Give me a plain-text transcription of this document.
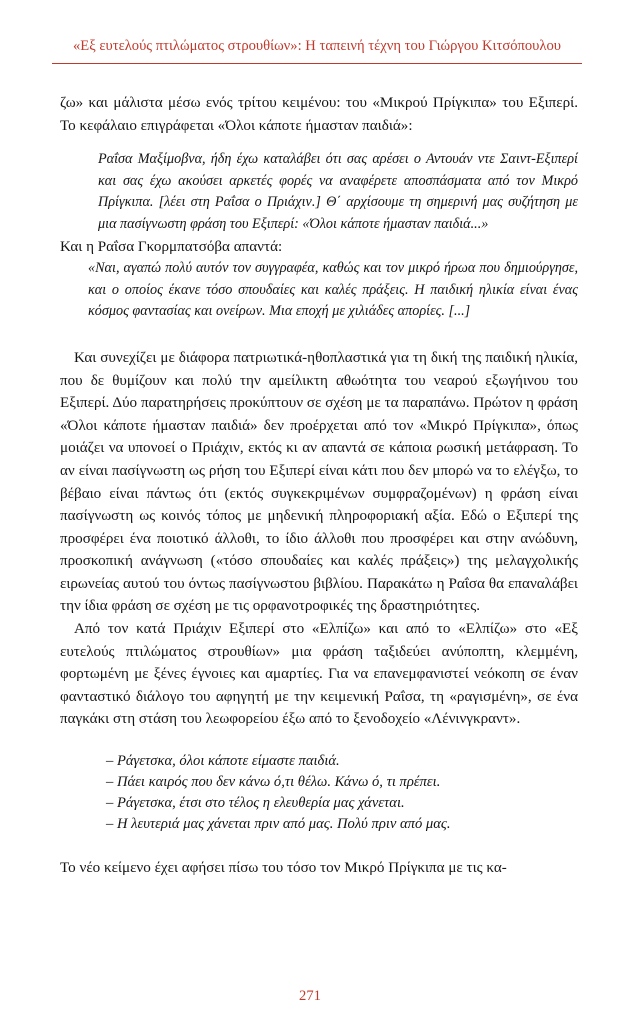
«Εξ ευτελούς πτιλώματος στρουθίων»: Η ταπεινή τέχνη του Γιώργου Κιτσόπουλου

ζω» και μάλιστα μέσω ενός τρίτου κειμένου: του «Μικρού Πρίγκιπα» του Εξιπερί. Το κεφάλαιο επιγράφεται «Όλοι κάποτε ήμασταν παιδιά»:

Ραΐσα Μαξίμοβνα, ήδη έχω καταλάβει ότι σας αρέσει ο Αντουάν ντε Σαιντ-Εξιπερί και σας έχω ακούσει αρκετές φορές να αναφέρετε αποσπάσματα από τον Μικρό Πρίγκιπα. [λέει στη Ραΐσα ο Πριάχιν.] Θ΄ αρχίσουμε τη σημερινή μας συζήτηση με μια πασίγνωστη φράση του Εξιπερί: «Όλοι κάποτε ήμασταν παιδιά...»

Και η Ραΐσα Γκορμπατσόβα απαντά:

«Ναι, αγαπώ πολύ αυτόν τον συγγραφέα, καθώς και τον μικρό ήρωα που δημιούργησε, και ο οποίος έκανε τόσο σπουδαίες και καλές πράξεις. Η παιδική ηλικία είναι ένας κόσμος φαντασίας και ονείρων. Μια εποχή με χιλιάδες απορίες. [...]

Και συνεχίζει με διάφορα πατριωτικά-ηθοπλαστικά για τη δική της παιδική ηλικία, που δε θυμίζουν και πολύ την αμείλικτη αθωότητα του νεαρού εξωγήινου του Εξιπερί. Δύο παρατηρήσεις προκύπτουν σε σχέση με τα παραπάνω. Πρώτον η φράση «Όλοι κάποτε ήμασταν παιδιά» δεν προέρχεται από τον «Μικρό Πρίγκιπα», όπως μοιάζει να υπονοεί ο Πριάχιν, εκτός κι αν απαντά σε κάποια ρωσική μετάφραση. Το αν είναι πασίγνωστη ως ρήση του Εξιπερί είναι κάτι που δεν μπορώ να το ελέγξω, το βέβαιο είναι πάντως ότι (εκτός συγκεκριμένων συμφραζομένων) η φράση είναι πασίγνωστη ως κοινός τόπος με μηδενική πληροφοριακή αξία. Εδώ ο Εξιπερί της προσφέρει ένα ποιοτικό άλλοθι, το ίδιο άλλοθι που προσφέρει και στην ανώδυνη, προσκοπική ανάγνωση («τόσο σπουδαίες και καλές πράξεις») της μελαγχολικής ειρωνείας αυτού του όντως πασίγνωστου βιβλίου. Παρακάτω η Ραΐσα θα επαναλάβει την ίδια φράση σε σχέση με τις ορφανοτροφικές της δραστηριότητες.

Από τον κατά Πριάχιν Εξιπερί στο «Ελπίζω» και από το «Ελπίζω» στο «Εξ ευτελούς πτιλώματος στρουθίων» μια φράση ταξιδεύει ανύποπτη, κλεμμένη, φορτωμένη με ξένες έγνοιες και αμαρτίες. Για να επανεμφανιστεί νεόκοπη σε έναν φανταστικό διάλογο του αφηγητή με την κειμενική Ραΐσα, τη «ραγισμένη», σε ένα παγκάκι στη στάση του λεωφορείου έξω από το ξενοδοχείο «Λένινγκραντ».

– Ράγετσκα, όλοι κάποτε είμαστε παιδιά.
– Πάει καιρός που δεν κάνω ό,τι θέλω. Κάνω ό, τι πρέπει.
– Ράγετσκα, έτσι στο τέλος η ελευθερία μας χάνεται.
– Η λευτεριά μας χάνεται πριν από μας. Πολύ πριν από μας.

Το νέο κείμενο έχει αφήσει πίσω του τόσο τον Μικρό Πρίγκιπα με τις κα-

271
